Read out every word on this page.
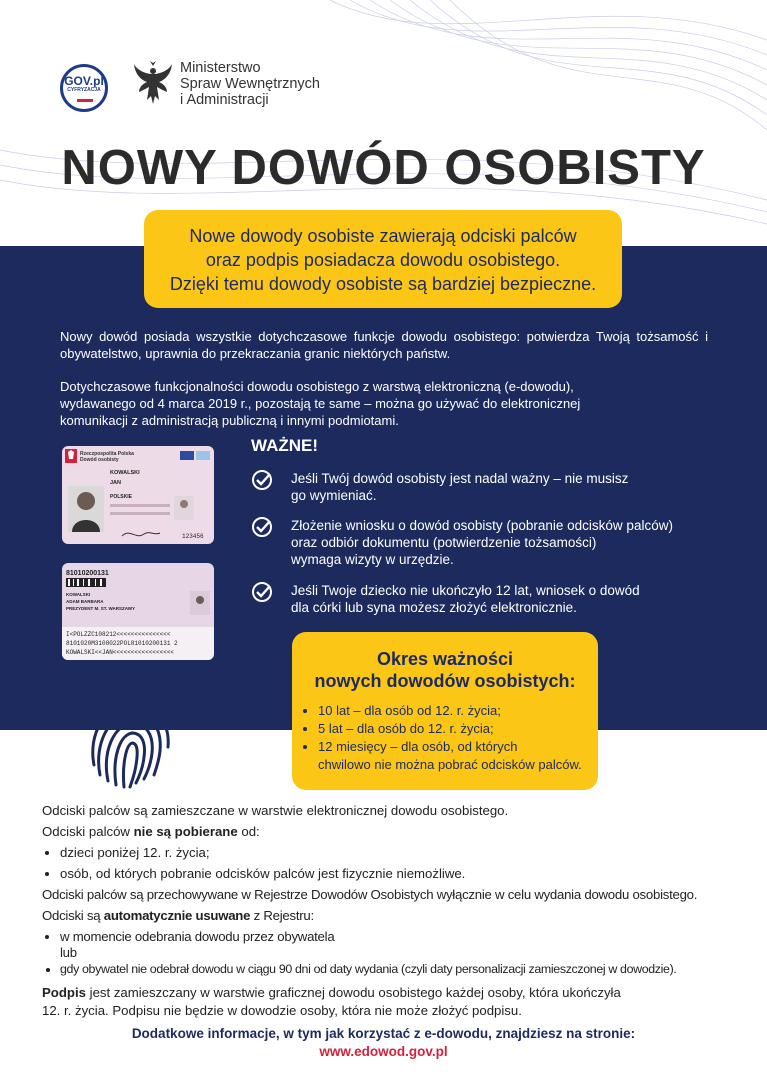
GOV.pl
CYFRYZACJA
Ministerstwo
Spraw Wewnętrznych
i Administracji
NOWY DOWÓD OSOBISTY
Nowe dowody osobiste zawierają odciski palców
oraz podpis posiadacza dowodu osobistego.
Dzięki temu dowody osobiste są bardziej bezpieczne.
Nowy dowód posiada wszystkie dotychczasowe funkcje dowodu osobistego: potwierdza Twoją tożsamość i obywatelstwo, uprawnia do przekraczania granic niektórych państw.
Dotychczasowe funkcjonalności dowodu osobistego z warstwą elektroniczną (e-dowodu),
wydawanego od 4 marca 2019 r., pozostają te same – można go używać do elektronicznej
komunikacji z administracją publiczną i innymi podmiotami.
Rzeczpospolita Polska
Dowód osobisty
KOWALSKI
JAN
POLSKIE
123456
81010200131
KOWALSKI
ADAM BARBARA
PREZYDENT M. ST. WARSZAWY
I<POLZZC108212<<<<<<<<<<<<<<<
8101020M3108022POL81010200131 2
KOWALSKI<<JAN<<<<<<<<<<<<<<<<<
WAŻNE!
Jeśli Twój dowód osobisty jest nadal ważny – nie musisz
go wymieniać.
Złożenie wniosku o dowód osobisty (pobranie odcisków palców)
oraz odbiór dokumentu (potwierdzenie tożsamości)
wymaga wizyty w urzędzie.
Jeśli Twoje dziecko nie ukończyło 12 lat, wniosek o dowód
dla córki lub syna możesz złożyć elektronicznie.
Okres ważności
nowych dowodów osobistych:
• 10 lat – dla osób od 12. r. życia;
• 5 lat – dla osób do 12. r. życia;
• 12 miesięcy – dla osób, od których
chwilowo nie można pobrać odcisków palców.
Odciski palców są zamieszczane w warstwie elektronicznej dowodu osobistego.
Odciski palców nie są pobierane od:
• dzieci poniżej 12. r. życia;
• osób, od których pobranie odcisków palców jest fizycznie niemożliwe.
Odciski palców są przechowywane w Rejestrze Dowodów Osobistych wyłącznie w celu wydania dowodu osobistego.
Odciski są automatycznie usuwane z Rejestru:
• w momencie odebrania dowodu przez obywatela
lub
• gdy obywatel nie odebrał dowodu w ciągu 90 dni od daty wydania (czyli daty personalizacji zamieszczonej w dowodzie).
Podpis jest zamieszczany w warstwie graficznej dowodu osobistego każdej osoby, która ukończyła
12. r. życia. Podpisu nie będzie w dowodzie osoby, która nie może złożyć podpisu.
Dodatkowe informacje, w tym jak korzystać z e-dowodu, znajdziesz na stronie:
www.edowod.gov.pl
